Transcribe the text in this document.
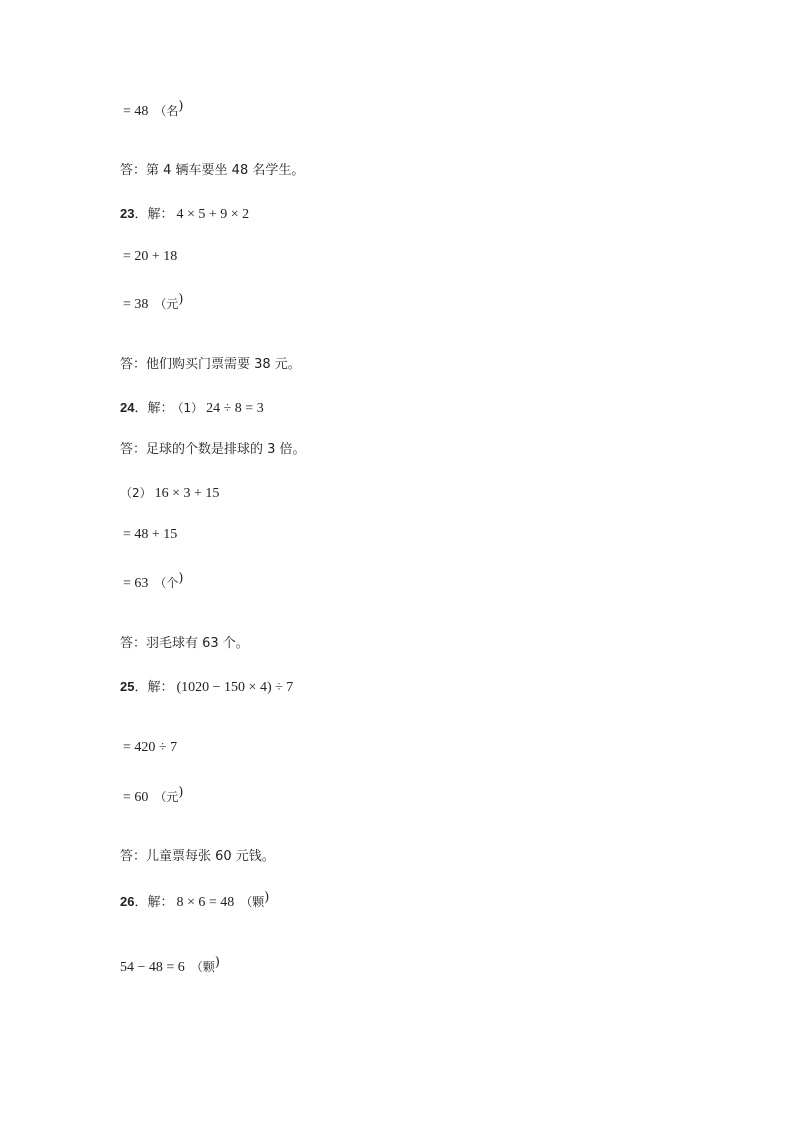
= 48 （名)
答：第 4 辆车要坐 48 名学生。
23．解： 4 × 5 + 9 × 2
= 20 + 18
= 38 （元)
答：他们购买门票需要 38 元。
24．解： （1） 24 ÷ 8 = 3
答：足球的个数是排球的 3 倍。
（2） 16 × 3 + 15
= 48 + 15
= 63 （个)
答：羽毛球有 63 个。
25．解： (1020 − 150 × 4) ÷ 7
= 420 ÷ 7
= 60 （元)
答：儿童票每张 60 元钱。
26．解： 8 × 6 = 48 （颗)
54 − 48 = 6 （颗)
